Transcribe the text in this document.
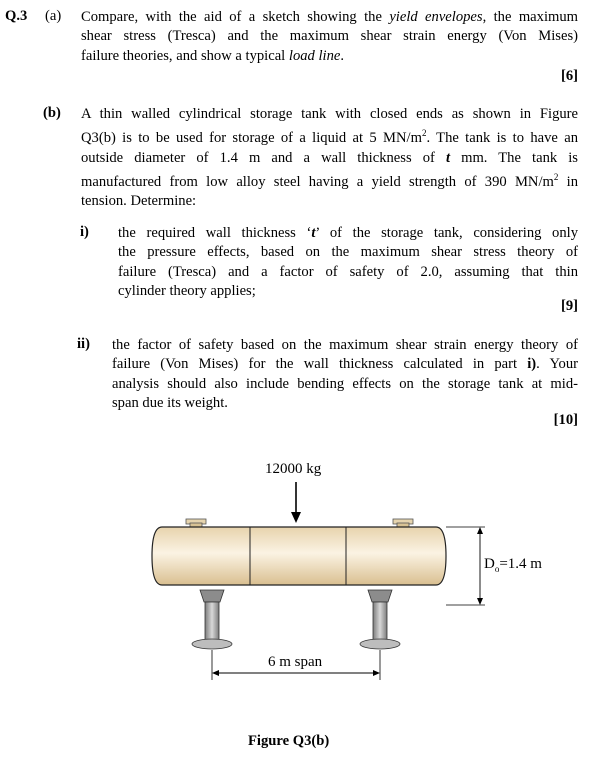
Q.3 (a) Compare, with the aid of a sketch showing the yield envelopes, the maximum
shear stress (Tresca) and the maximum shear strain energy (Von Mises)
failure theories, and show a typical load line.
[6]
(b) A thin walled cylindrical storage tank with closed ends as shown in Figure
Q3(b) is to be used for storage of a liquid at 5 $MN/m^2$. The tank is to have an
outside diameter of 1.4 m and a wall thickness of t mm. The tank is
manufactured from low alloy steel having a yield strength of 390 $MN/m^2$ in
tension. Determine:
i) the required wall thickness ‘t’ of the storage tank, considering only
the pressure effects, based on the maximum shear stress theory of
failure (Tresca) and a factor of safety of 2.0, assuming that thin
cylinder theory applies;
[9]
ii) the factor of safety based on the maximum shear strain energy theory of
failure (Von Mises) for the wall thickness calculated in part i). Your
analysis should also include bending effects on the storage tank at mid-
span due its weight.
[10]
12000 kg
$D_o=1.4$ m
6 m span
Figure Q3(b)
